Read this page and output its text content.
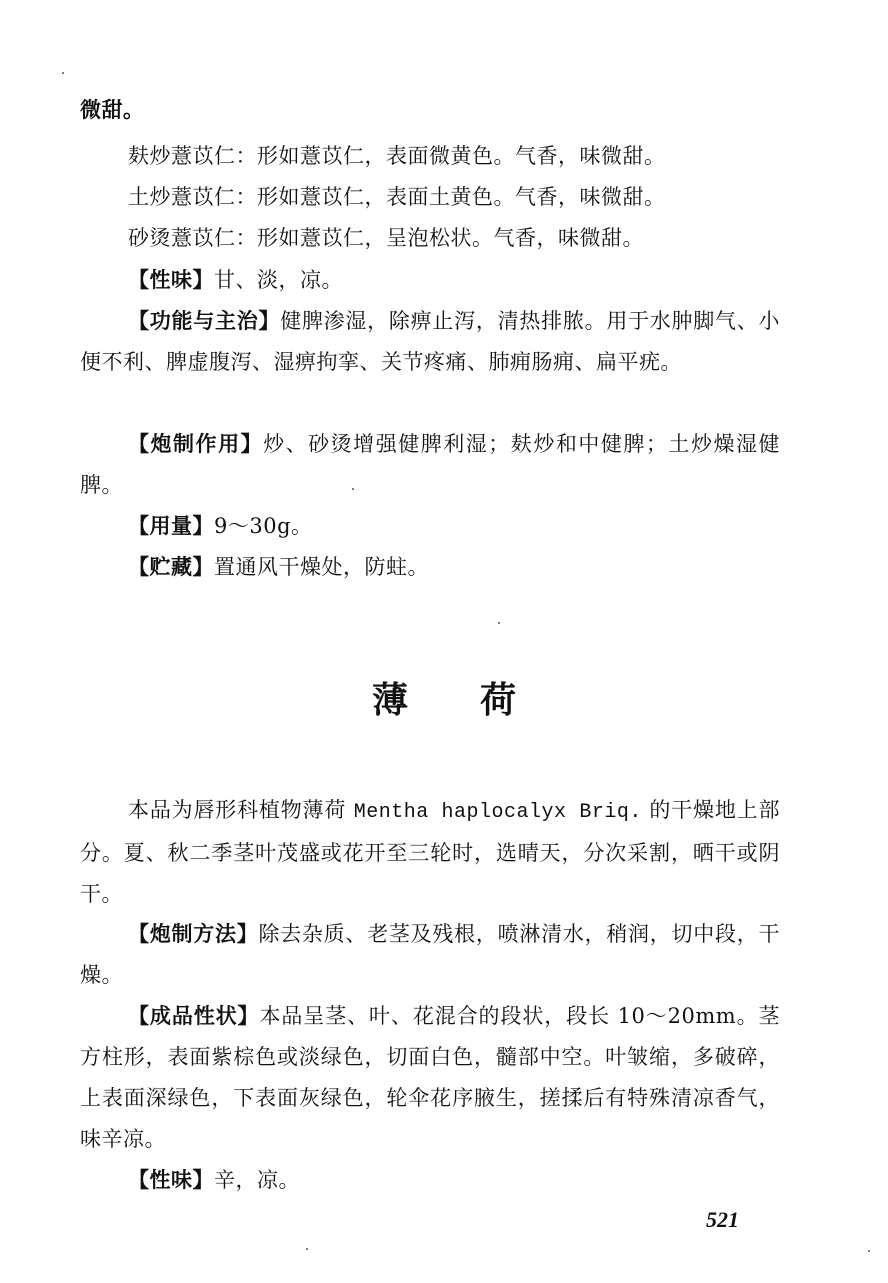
微甜。

麸炒薏苡仁：形如薏苡仁，表面微黄色。气香，味微甜。

土炒薏苡仁：形如薏苡仁，表面土黄色。气香，味微甜。

砂烫薏苡仁：形如薏苡仁，呈泡松状。气香，味微甜。

【性味】甘、淡，凉。

【功能与主治】健脾渗湿，除痹止泻，清热排脓。用于水肿脚气、小便不利、脾虚腹泻、湿痹拘挛、关节疼痛、肺痈肠痈、扁平疣。

【炮制作用】炒、砂烫增强健脾利湿；麸炒和中健脾；土炒燥湿健脾。

【用量】9～30g。

【贮藏】置通风干燥处，防蛀。

薄荷

本品为唇形科植物薄荷 Mentha haplocalyx Briq. 的干燥地上部分。夏、秋二季茎叶茂盛或花开至三轮时，选晴天，分次采割，晒干或阴干。

【炮制方法】除去杂质、老茎及残根，喷淋清水，稍润，切中段，干燥。

【成品性状】本品呈茎、叶、花混合的段状，段长 10～20mm。茎方柱形，表面紫棕色或淡绿色，切面白色，髓部中空。叶皱缩，多破碎，上表面深绿色，下表面灰绿色，轮伞花序腋生，搓揉后有特殊清凉香气，味辛凉。

【性味】辛，凉。

521
